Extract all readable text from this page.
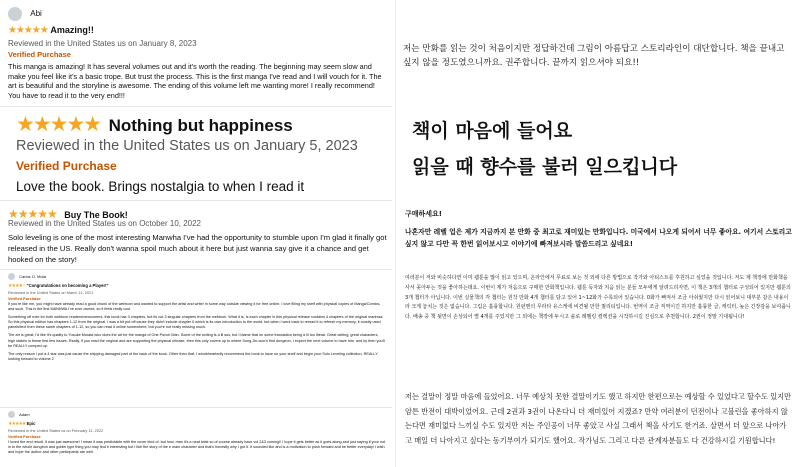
Abi
★★★★★ Amazing!!
Reviewed in the United States us on January 8, 2023
Verified Purchase

This manga is amazing! It has several volumes out and it's worth the reading. The beginning may seem slow and make you feel like it's a basic trope. But trust the process. This is the first manga I've read and I will vouch for it. The art is beautiful and the storyline is awesome. The ending of this volume left me wanting more! I really recommend! You have to read it to the very end!!!

★★★★★ Nothing but happiness
Reviewed in the United States us on January 5, 2023
Verified Purchase
Love the book. Brings nostalgia to when I read it
★★★★★ Buy The Book!
Reviewed in the United States us on October 10, 2022

Solo leveling is one of the most interesting Manwha I've had the opportunity to stumble upon I'm glad it finally got released in the US. Really don't wanna spoil much about it here but just wanna say give it a chance and get hooked on the story!

Carlos O. Mota
★★★★☆ "Congratulations on becoming a Player!"
Reviewed in the United States on March 11, 2021
Verified Purchase

If you're like me, you might have already read a good chunk of the webtoon and wanted to support the artist and writer in some way outside viewing it for free online. I love filling my shelf with physical copies of Manga/Comics, and such. This is the first MANHWA I've ever owned, so it feels really cool.

Something off note for both webtoon readers/newcomers, this book has 3 chapters, but its not 3 singular chapters from the webtoon. What it is, is each chapter in this physical release contains 4 chapters of the original manhwa. So this physical edition has chapters 1-12 from the original. I was a bit put off cause they didn't include chapter 0 which is its own introduction to the world, but when I went back to reread it to refresh my memory, it mostly used panels/text from these same chapters of 1-12, so you can read it online somewhere, but you're not really missing much.

The art is great; I'd like it's quality to Yusuke Murata who does the art for the manga of One Punch Man. Some of the writing is a lil sus, but I blame that on some translation being a lil too literal. Great writing, great characters, high stakes in these first few issues. Really, if you read the original and are supporting the physical release, then this only covers up to where Sung-Jin-woo's first dungeon, I expect the next volume to have him, and by then you'll be REALLY comped up.

The only reason I put a 4 star was just cause the shipping damaged part of the back of the book. Other than that, I wholeheartedly recommend the book to have on your shelf and begin your Solo Leveling collection. REALLY looking forward to volume 2

Adam
★★★★★ Epic
Reviewed in the United States us on February 11, 2022
Verified Purchase

I loved the end result. It was just awesome! I mean it was predictable with the cover kind of, but how, man it's a neat twist so of course already have vol 2&3 coming!! I hope it gets better as it goes along and just saying if your not in to the whole dungeon and goblin type thing you may find it interesting but I like the story of the e main character and that's honestly why I got it. It sounded like and is a motivation to push forward and be better everyday! I wish and hope the author and other participants are well.

저는 만화를 읽는 것이 처음이지만 정답하건데 그림이 아름답고 스토리라인이 대단합니다. 책을 끝내고 싶지 않을 정도였으니까요. 권주합니다. 끝까지 읽으셔야 되요!!

책이 마음에 들어요
읽을 때 향수를 불러 일으킵니다
구매하세요!

나혼자만 레벨 업은 제가 지금까지 본 만화 중 최고로 재미있는 만화입니다. 미국에서 나오게 되어서 너무 좋아요. 여기서 스토리고 싶지 않고 다만 꼭 한번 읽어보시고 이야기에 빠져보시라 말씀드리고 싶네요!

여러분이 저와 비슷하다면 이미 웹툰을 많이 읽고 있으며, 온라인에서 무료로 보는 것 외에 다른 방법으로 작가와 아티스트를 후원하고 싶었을 것입니다. 저도 제 책장에 만화책을 사서 꽂아두는 것을 좋아하는데요. 이번이 제가 처음으로 구매한 만화책입니다. 웹툰 독자와 처음 읽는 분들 모두에게 알려드리자면, 이 책은 3개의 챕터로 구성되어 있지만 웹툰의 3개 챕터가 아닙니다. 이번 실물책의 각 챕터는 원작 만화 4개 챕터를 담고 있어 1~12화가 수록되어 있습니다. 0화가 빠져서 조금 아쉬웠지만 다시 읽어보니 대부분 같은 내용이라 크게 놓치는 것은 없습니다. 그림은 훌륭합니다. 원펀맨의 무라타 유스케에 비견될 만한 퀄리티입니다. 번역이 조금 직역이긴 하지만 훌륭한 글, 캐릭터, 높은 긴장감을 보여줍니다. 배송 중 책 뒷면이 손상되어 별 4개를 주었지만 그 외에는 책장에 두시고 솔로 레벨링 컬렉션을 시작하시길 진심으로 추천합니다. 2권이 정말 기대됩니다!

저는 결말이 정말 마음에 들었어요. 너무 예상치 못한 결말이기도 했고 하지만 한편으로는 예상할 수 있었다고 할수도 있지만 암튼 반전이 대박이었어요. 근데 2권과 3권이 나온다니 더 재미있어 지겠죠? 만약 여러분이 던전이나 고블린을 좋아하지 않는다면 재미없다 느끼실 수도 있지만 저는 주인공이 너무 좋았고 사실 그래서 책을 사기도 한거죠. 살면서 더 앞으로 나아가고 매일 더 나아지고 싶다는 동기부여가 되기도 했어요. 작가님도 그리고 다른 관계자분들도 다 건강하시길 기원합니다!
